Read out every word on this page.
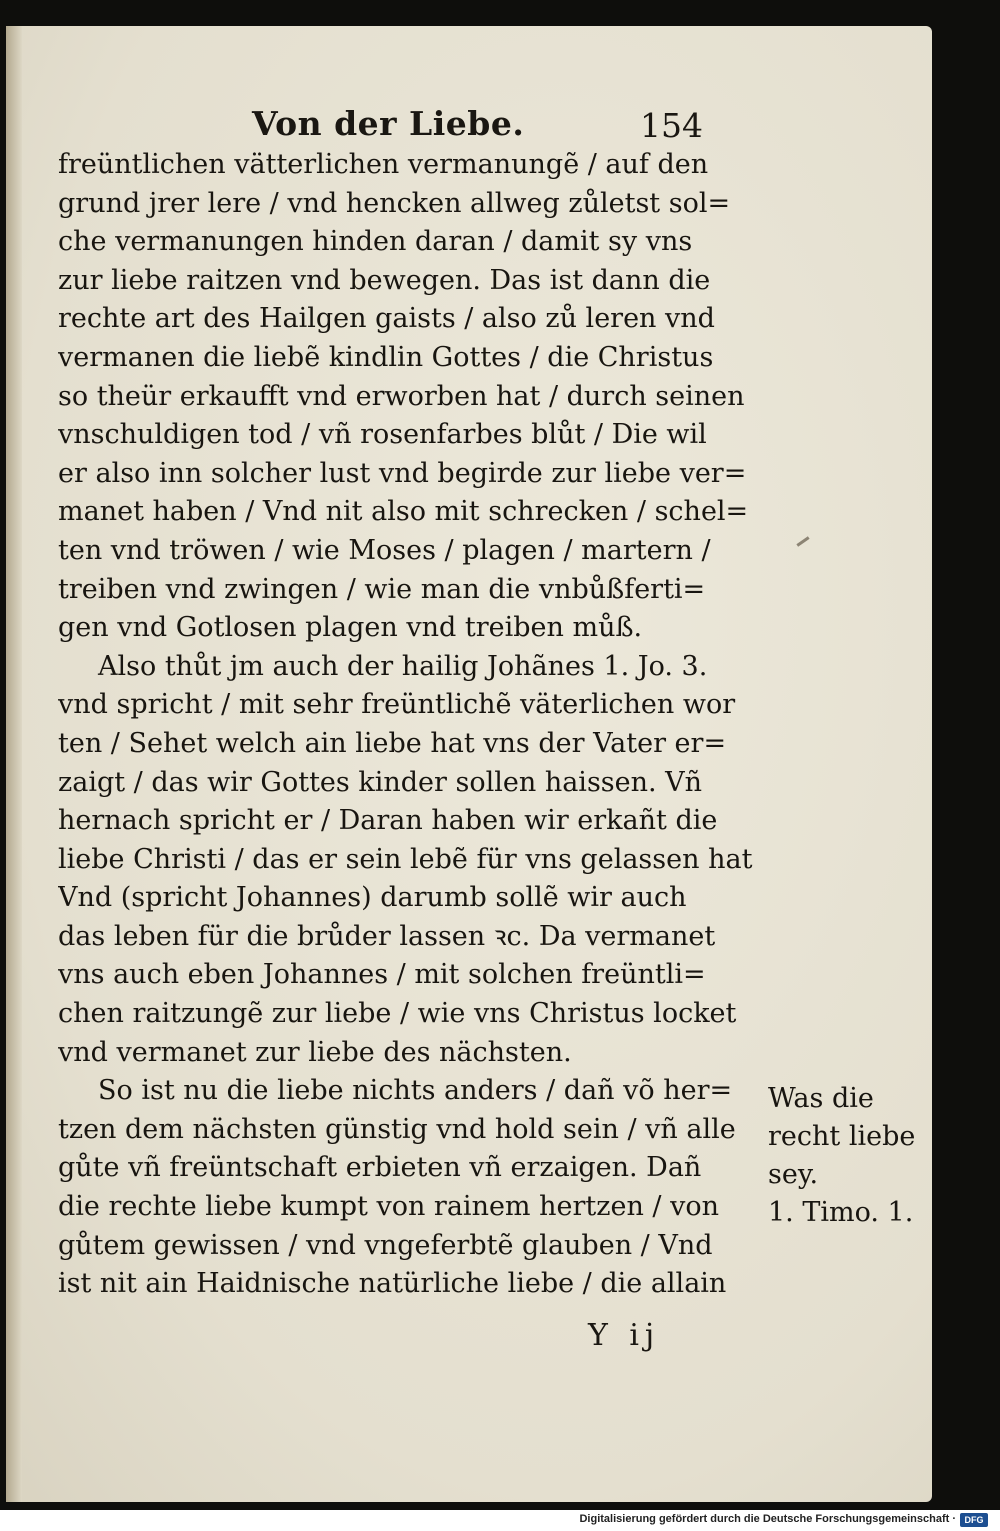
Von der Liebe.	154
freüntlichen vätterlichen vermanungẽ / auf den
grund jrer lere / vnd hencken allweg zůletst sol=
che vermanungen hinden daran / damit sy vns
zur liebe raitzen vnd bewegen. Das ist dann die
rechte art des Hailgen gaists / also zů leren vnd
vermanen die liebẽ kindlin Gottes / die Christus
so theür erkaufft vnd erworben hat / durch seinen
vnschuldigen tod / vñ rosenfarbes blůt / Die wil
er also inn solcher lust vnd begirde zur liebe ver=
manet haben / Vnd nit also mit schrecken / schel=
ten vnd tröwen / wie Moses / plagen / martern /
treiben vnd zwingen / wie man die vnbůßferti=
gen vnd Gotlosen plagen vnd treiben můß.
Also thůt jm auch der hailig Johãnes 1. Jo. 3.
vnd spricht / mit sehr freüntlichẽ väterlichen wor
ten / Sehet welch ain liebe hat vns der Vater er=
zaigt / das wir Gottes kinder sollen haissen. Vñ
hernach spricht er / Daran haben wir erkañt die
liebe Christi / das er sein lebẽ für vns gelassen hat
Vnd (spricht Johannes) darumb sollẽ wir auch
das leben für die brůder lassen ꝛc. Da vermanet
vns auch eben Johannes / mit solchen freüntli=
chen raitzungẽ zur liebe / wie vns Christus locket
vnd vermanet zur liebe des nächsten.
So ist nu die liebe nichts anders / dañ võ her=
tzen dem nächsten günstig vnd hold sein / vñ alle
gůte vñ freüntschaft erbieten vñ erzaigen. Dañ
die rechte liebe kumpt von rainem hertzen / von
gůtem gewissen / vnd vngeferbtẽ glauben / Vnd
ist nit ain Haidnische natürliche liebe / die allain
Was die
recht liebe
sey.
1. Timo. 1.
Y ij
Digitalisierung gefördert durch die Deutsche Forschungsgemeinschaft · DFG
